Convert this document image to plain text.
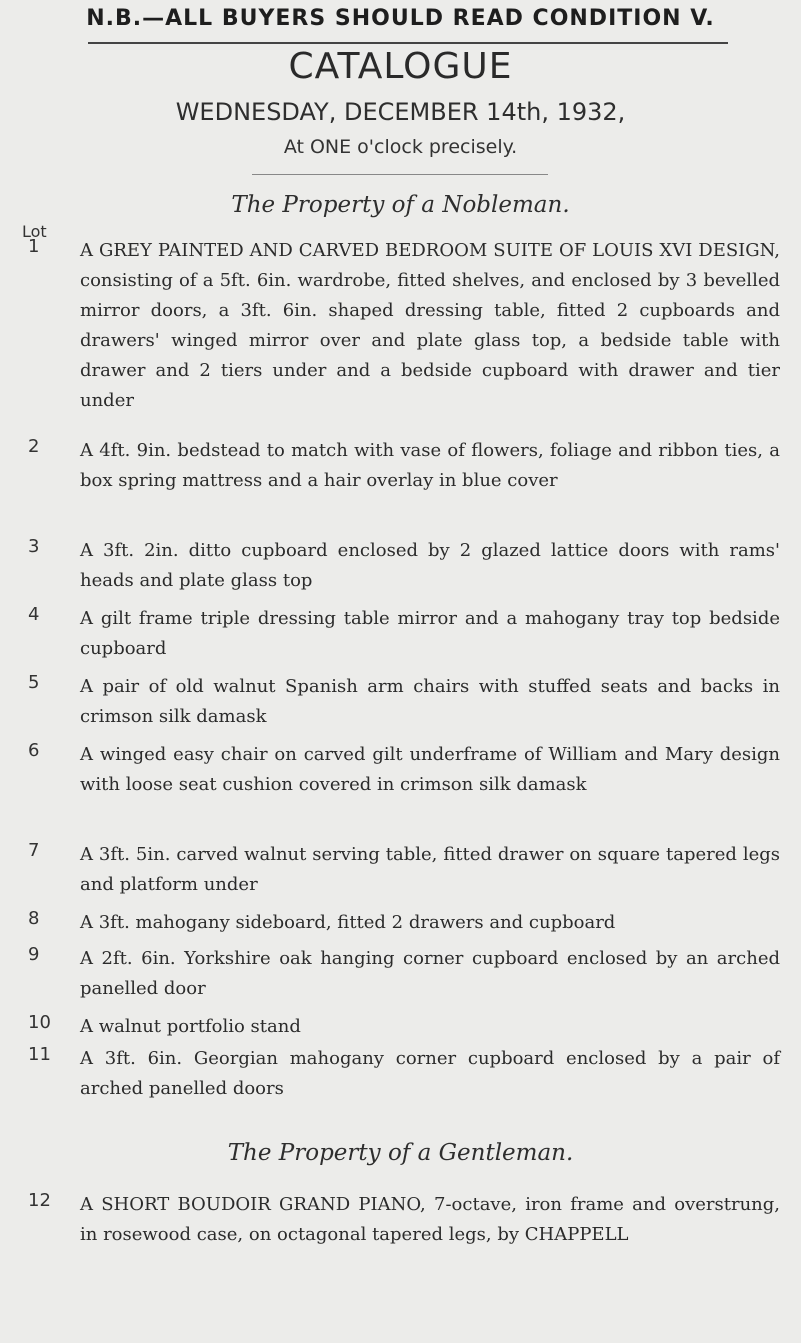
N.B.—ALL BUYERS SHOULD READ CONDITION V.
CATALOGUE
WEDNESDAY, DECEMBER 14th, 1932,
At ONE o'clock precisely.
Lot
The Property of a Nobleman.
1	A GREY PAINTED AND CARVED BEDROOM SUITE OF LOUIS XVI DESIGN, consisting of a 5ft. 6in. wardrobe, fitted shelves, and enclosed by 3 bevelled mirror doors, a 3ft. 6in. shaped dressing table, fitted 2 cupboards and drawers' winged mirror over and plate glass top, a bedside table with drawer and 2 tiers under and a bedside cupboard with drawer and tier under
2	A 4ft. 9in. bedstead to match with vase of flowers, foliage and ribbon ties, a box spring mattress and a hair overlay in blue cover
3	A 3ft. 2in. ditto cupboard enclosed by 2 glazed lattice doors with rams' heads and plate glass top
4	A gilt frame triple dressing table mirror and a mahogany tray top bedside cupboard
5	A pair of old walnut Spanish arm chairs with stuffed seats and backs in crimson silk damask
6	A winged easy chair on carved gilt underframe of William and Mary design with loose seat cushion covered in crimson silk damask
7	A 3ft. 5in. carved walnut serving table, fitted drawer on square tapered legs and platform under
8	A 3ft. mahogany sideboard, fitted 2 drawers and cupboard
9	A 2ft. 6in. Yorkshire oak hanging corner cupboard enclosed by an arched panelled door
10	A walnut portfolio stand
11	A 3ft. 6in. Georgian mahogany corner cupboard enclosed by a pair of arched panelled doors
The Property of a Gentleman.
12	A SHORT BOUDOIR GRAND PIANO, 7-octave, iron frame and overstrung, in rosewood case, on octagonal tapered legs, by CHAPPELL
